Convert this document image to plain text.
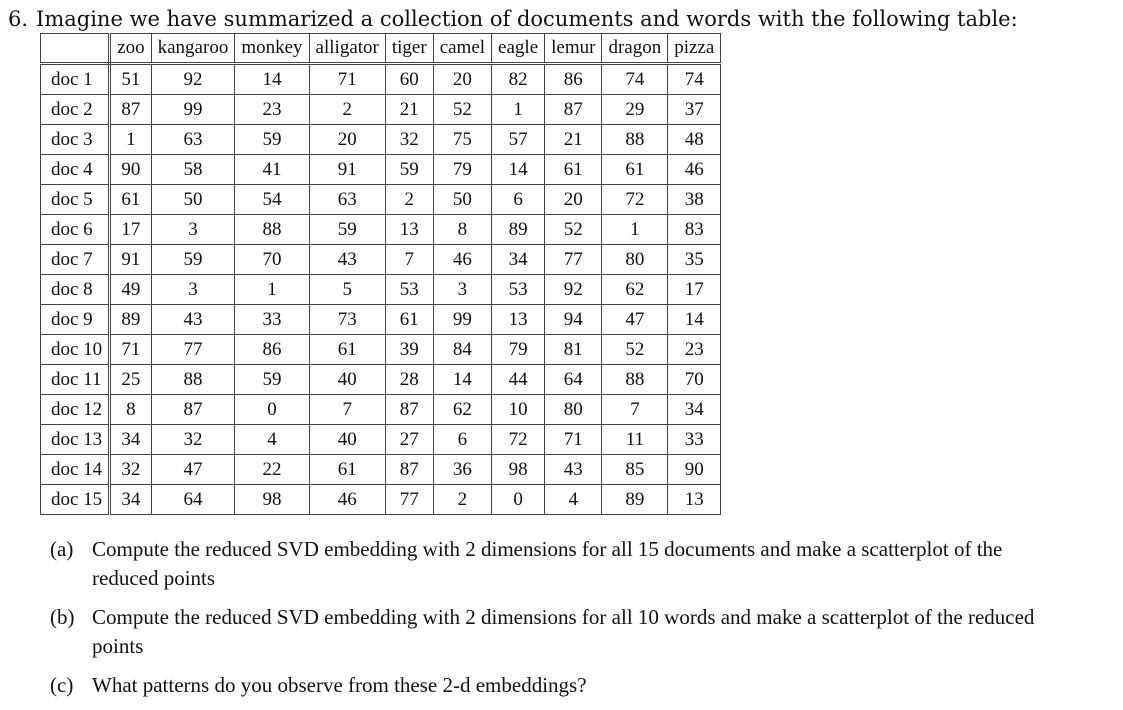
6. Imagine we have summarized a collection of documents and words with the following table:
	zoo	kangaroo	monkey	alligator	tiger	camel	eagle	lemur	dragon	pizza
doc 1	51	92	14	71	60	20	82	86	74	74
doc 2	87	99	23	2	21	52	1	87	29	37
doc 3	1	63	59	20	32	75	57	21	88	48
doc 4	90	58	41	91	59	79	14	61	61	46
doc 5	61	50	54	63	2	50	6	20	72	38
doc 6	17	3	88	59	13	8	89	52	1	83
doc 7	91	59	70	43	7	46	34	77	80	35
doc 8	49	3	1	5	53	3	53	92	62	17
doc 9	89	43	33	73	61	99	13	94	47	14
doc 10	71	77	86	61	39	84	79	81	52	23
doc 11	25	88	59	40	28	14	44	64	88	70
doc 12	8	87	0	7	87	62	10	80	7	34
doc 13	34	32	4	40	27	6	72	71	11	33
doc 14	32	47	22	61	87	36	98	43	85	90
doc 15	34	64	98	46	77	2	0	4	89	13
(a) Compute the reduced SVD embedding with 2 dimensions for all 15 documents and make a scatterplot of the reduced points
(b) Compute the reduced SVD embedding with 2 dimensions for all 10 words and make a scatterplot of the reduced points
(c) What patterns do you observe from these 2-d embeddings?
